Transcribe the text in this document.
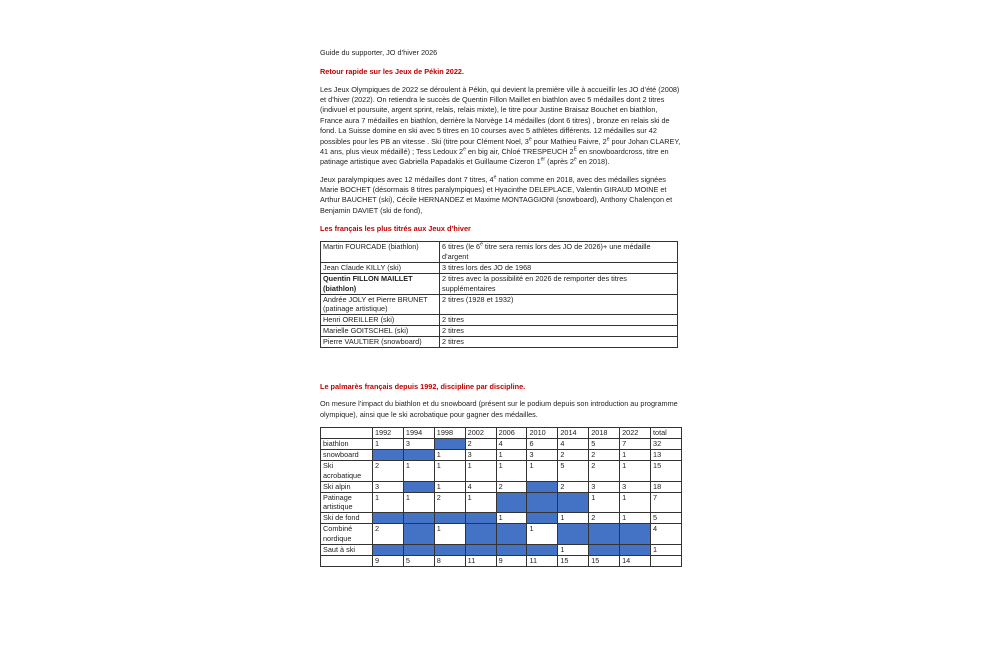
Guide du supporter, JO d’hiver 2026
Retour rapide sur les Jeux de Pékin 2022.

Les Jeux Olympiques de 2022 se déroulent à Pékin, qui devient la première ville à accueillir les JO d’été (2008) et d’hiver (2022). On retiendra le succès de Quentin Fillon Maillet en biathlon avec 5 médailles dont 2 titres (indivuel et poursuite, argent sprint, relais, relais mixte), le titre pour Justine Braisaz Bouchet en biathlon, France aura 7 médailles en biathlon, derrière la Norvège 14 médailles (dont 6 titres) , bronze en relais ski de fond. La Suisse domine en ski avec 5 titres en 10 courses avec 5 athlètes différents. 12 médailles sur 42 possibles pour les PB an vitesse . Ski (titre pour Clément Noel, 3e pour Mathieu Faivre, 2e pour Johan CLAREY, 41 ans, plus vieux médaillé) ; Tess Ledoux 2e en big air, Chloé TRESPEUCH $2^E$ en snowboardcross, titre en patinage artistique avec Gabriella Papadakis et Guillaume Cizeron 1er (après 2e en 2018).

Jeux paralympiques avec 12 médailles dont 7 titres, 4e nation comme en 2018, avec des médailles signées Marie BOCHET (désormais 8 titres paralympiques) et Hyacinthe DELEPLACE, Valentin GIRAUD MOINE et Arthur BAUCHET (ski), Cécile HERNANDEZ et Maxime MONTAGGIONI (snowboard), Anthony Chalençon et Benjamin DAVIET (ski de fond),

Les français les plus titrés aux Jeux d’hiver
Martin FOURCADE (biathlon)	6 titres (le 6e titre sera remis lors des JO de 2026)+ une médaille d’argent
Jean Claude KILLY (ski)	3 titres lors des JO de 1968
Quentin FILLON MAILLET (biathlon)	2 titres avec la possibilité en 2026 de remporter des titres supplémentaires
Andrée JOLY et Pierre BRUNET (patinage artistique)	2 titres (1928 et 1932)
Henri OREILLER (ski)	2 titres
Marielle GOITSCHEL (ski)	2 titres
Pierre VAULTIER (snowboard)	2 titres
Le palmarès français depuis 1992, discipline par discipline.

On mesure l’impact du biathlon et du snowboard (présent sur le podium depuis son introduction au programme olympique), ainsi que le ski acrobatique pour gagner des médailles.

	1992	1994	1998	2002	2006	2010	2014	2018	2022	total
biathlon	1	3		2	4	6	4	5	7	32
snowboard			1	3	1	3	2	2	1	13
Ski acrobatique	2	1	1	1	1	1	5	2	1	15
Ski alpin	3		1	4	2		2	3	3	18
Patinage artistique	1	1	2	1				1	1	7
Ski de fond					1		1	2	1	5
Combiné nordique	2		1			1				4
Saut à ski							1			1
	9	5	8	11	9	11	15	15	14	
